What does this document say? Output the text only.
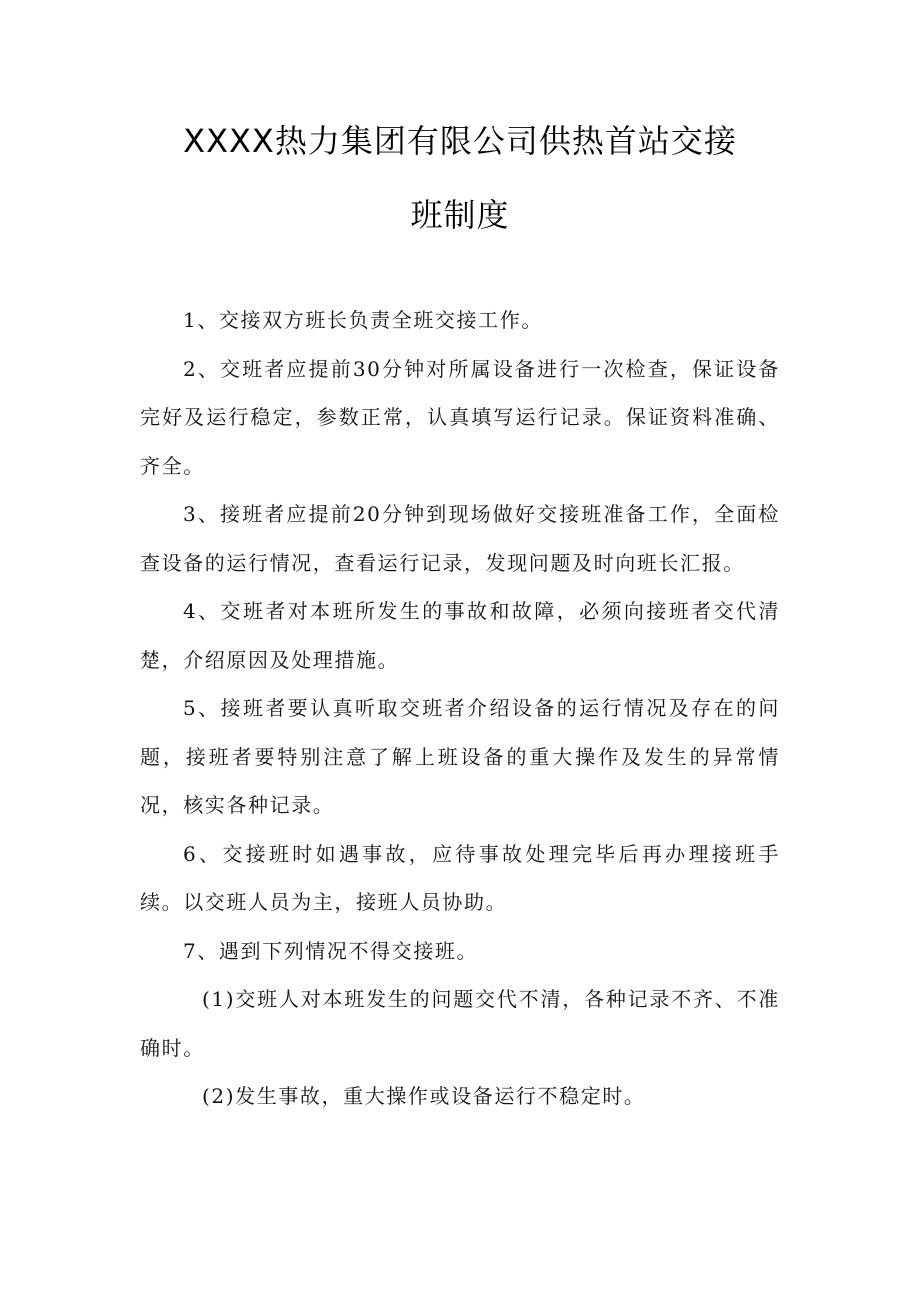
XXXX热力集团有限公司供热首站交接
班制度

1、交接双方班长负责全班交接工作。

2、交班者应提前30分钟对所属设备进行一次检查，保证设备完好及运行稳定，参数正常，认真填写运行记录。保证资料准确、齐全。

3、接班者应提前20分钟到现场做好交接班准备工作，全面检查设备的运行情况，查看运行记录，发现问题及时向班长汇报。

4、交班者对本班所发生的事故和故障，必须向接班者交代清楚，介绍原因及处理措施。

5、接班者要认真听取交班者介绍设备的运行情况及存在的问题，接班者要特别注意了解上班设备的重大操作及发生的异常情况，核实各种记录。

6、交接班时如遇事故，应待事故处理完毕后再办理接班手续。以交班人员为主，接班人员协助。

7、遇到下列情况不得交接班。

(1)交班人对本班发生的问题交代不清，各种记录不齐、不准确时。

(2)发生事故，重大操作或设备运行不稳定时。
